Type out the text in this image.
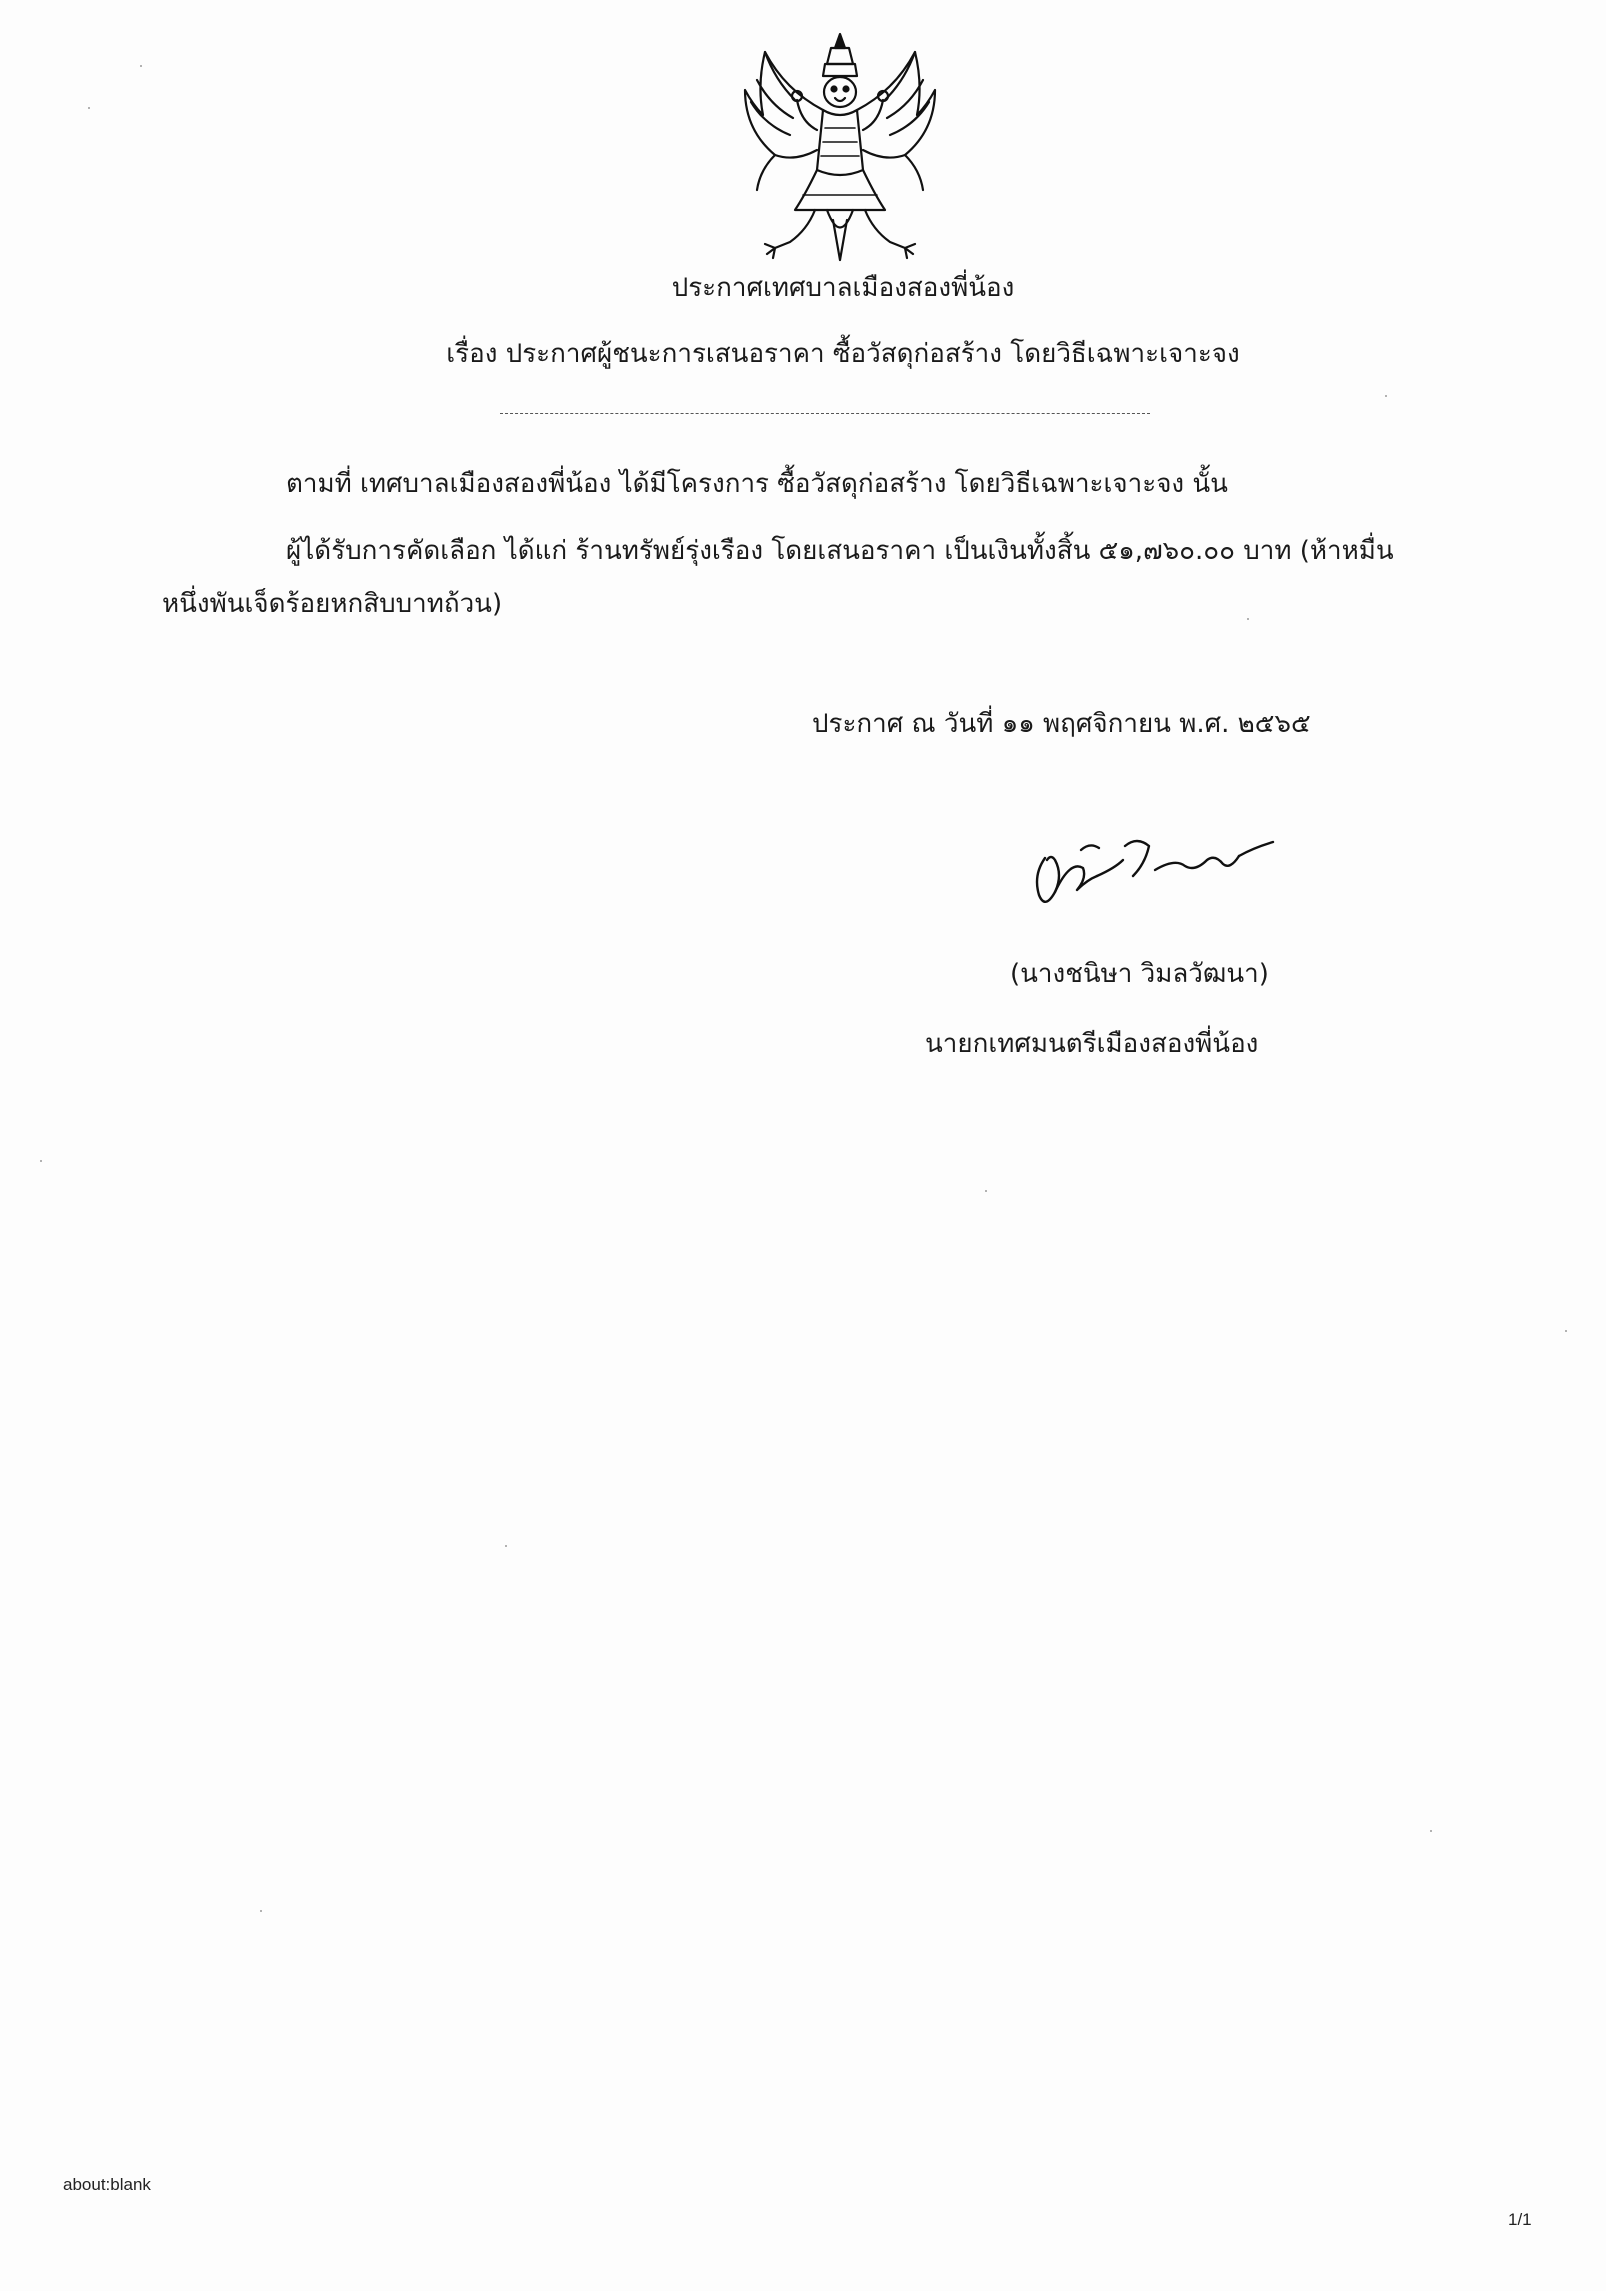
ประกาศเทศบาลเมืองสองพี่น้อง
เรื่อง ประกาศผู้ชนะการเสนอราคา ซื้อวัสดุก่อสร้าง โดยวิธีเฉพาะเจาะจง
ตามที่ เทศบาลเมืองสองพี่น้อง ได้มีโครงการ ซื้อวัสดุก่อสร้าง โดยวิธีเฉพาะเจาะจง นั้น
ผู้ได้รับการคัดเลือก ได้แก่ ร้านทรัพย์รุ่งเรือง โดยเสนอราคา เป็นเงินทั้งสิ้น ๕๑,๗๖๐.๐๐ บาท (ห้าหมื่น
หนึ่งพันเจ็ดร้อยหกสิบบาทถ้วน)
ประกาศ ณ วันที่ ๑๑ พฤศจิกายน พ.ศ. ๒๕๖๕
(นางชนิษา วิมลวัฒนา)
นายกเทศมนตรีเมืองสองพี่น้อง
about:blank
1/1
